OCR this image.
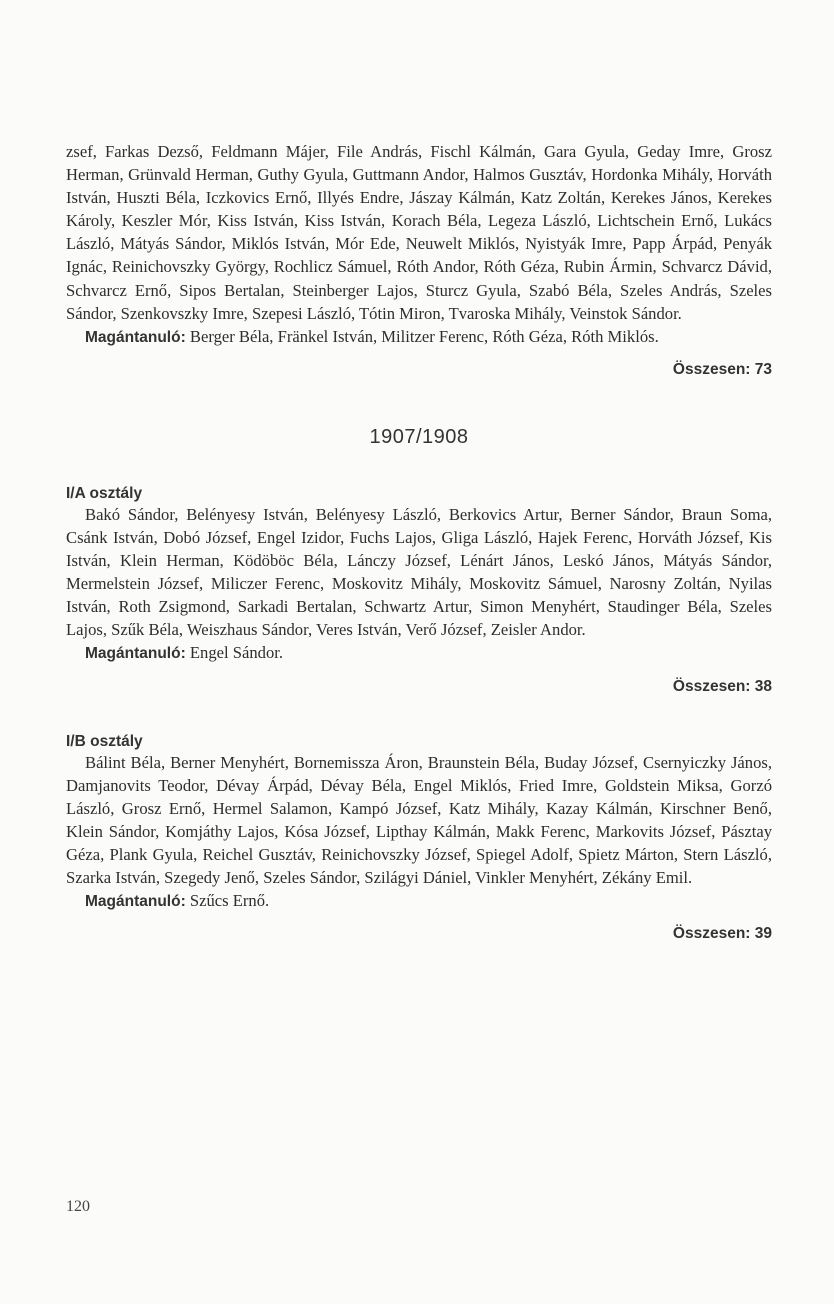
zsef, Farkas Dezső, Feldmann Májer, File András, Fischl Kálmán, Gara Gyula, Geday Imre, Grosz Herman, Grünvald Herman, Guthy Gyula, Guttmann Andor, Halmos Gusztáv, Hordonka Mihály, Horváth István, Huszti Béla, Iczkovics Ernő, Illyés Endre, Jászay Kálmán, Katz Zoltán, Kerekes János, Kerekes Károly, Keszler Mór, Kiss István, Kiss István, Korach Béla, Legeza László, Lichtschein Ernő, Lukács László, Mátyás Sándor, Miklós István, Mór Ede, Neuwelt Miklós, Nyistyák Imre, Papp Árpád, Penyák Ignác, Reinichovszky György, Rochlicz Sámuel, Róth Andor, Róth Géza, Rubin Ármin, Schvarcz Dávid, Schvarcz Ernő, Sipos Bertalan, Steinberger Lajos, Sturcz Gyula, Szabó Béla, Szeles András, Szeles Sándor, Szenkovszky Imre, Szepesi László, Tótin Miron, Tvaroska Mihály, Veinstok Sándor.

Magántanuló: Berger Béla, Fränkel István, Militzer Ferenc, Róth Géza, Róth Miklós.

Összesen: 73

1907/1908

I/A osztály

Bakó Sándor, Belényesy István, Belényesy László, Berkovics Artur, Berner Sándor, Braun Soma, Csánk István, Dobó József, Engel Izidor, Fuchs Lajos, Gliga László, Hajek Ferenc, Horváth József, Kis István, Klein Herman, Ködöböc Béla, Lánczy József, Lénárt János, Leskó János, Mátyás Sándor, Mermelstein József, Miliczer Ferenc, Moskovitz Mihály, Moskovitz Sámuel, Narosny Zoltán, Nyilas István, Roth Zsigmond, Sarkadi Bertalan, Schwartz Artur, Simon Menyhért, Staudinger Béla, Szeles Lajos, Szűk Béla, Weiszhaus Sándor, Veres István, Verő József, Zeisler Andor.

Magántanuló: Engel Sándor.

Összesen: 38

I/B osztály

Bálint Béla, Berner Menyhért, Bornemissza Áron, Braunstein Béla, Buday József, Csernyiczky János, Damjanovits Teodor, Dévay Árpád, Dévay Béla, Engel Miklós, Fried Imre, Goldstein Miksa, Gorzó László, Grosz Ernő, Hermel Salamon, Kampó József, Katz Mihály, Kazay Kálmán, Kirschner Benő, Klein Sándor, Komjáthy Lajos, Kósa József, Lipthay Kálmán, Makk Ferenc, Markovits József, Pásztay Géza, Plank Gyula, Reichel Gusztáv, Reinichovszky József, Spiegel Adolf, Spietz Márton, Stern László, Szarka István, Szegedy Jenő, Szeles Sándor, Szilágyi Dániel, Vinkler Menyhért, Zékány Emil.

Magántanuló: Szűcs Ernő.

Összesen: 39

120
